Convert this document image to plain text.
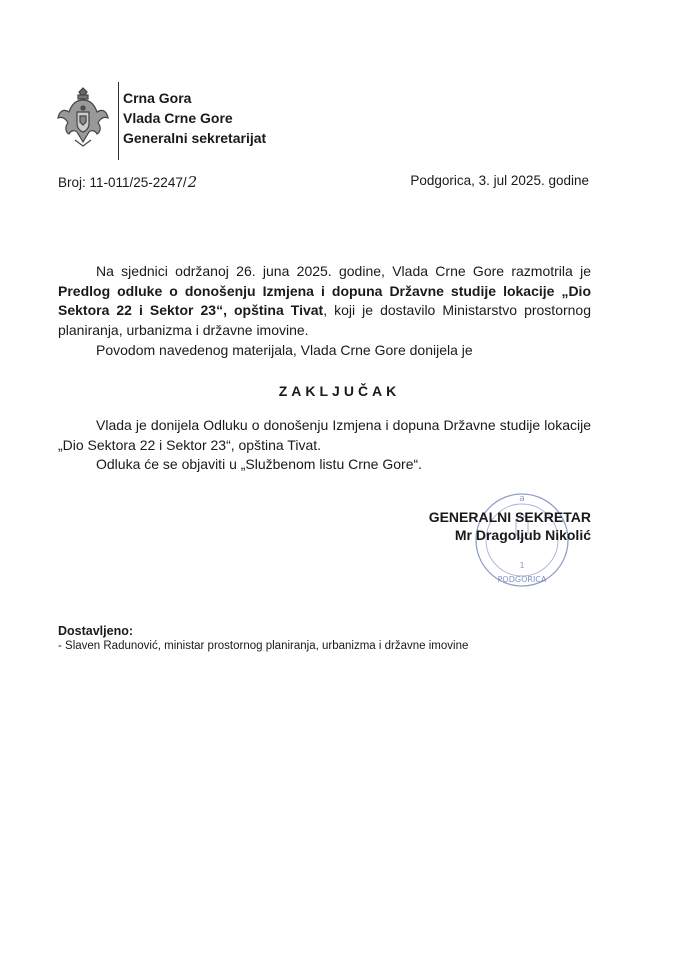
Crna Gora
Vlada Crne Gore
Generalni sekretarijat
Broj: 11-011/25-2247/2	Podgorica, 3. jul 2025. godine
Na sjednici održanoj 26. juna 2025. godine, Vlada Crne Gore razmotrila je Predlog odluke o donošenju Izmjena i dopuna Državne studije lokacije „Dio Sektora 22 i Sektor 23“, opština Tivat, koji je dostavilo Ministarstvo prostornog planiranja, urbanizma i državne imovine.
Povodom navedenog materijala, Vlada Crne Gore donijela je
ZAKLJUČAK
Vlada je donijela Odluku o donošenju Izmjena i dopuna Državne studije lokacije „Dio Sektora 22 i Sektor 23“, opština Tivat.
Odluka će se objaviti u „Službenom listu Crne Gore“.
a
1
PODGORICA
GENERALNI SEKRETAR
Mr Dragoljub Nikolić
Dostavljeno:
- Slaven Radunović, ministar prostornog planiranja, urbanizma i državne imovine
